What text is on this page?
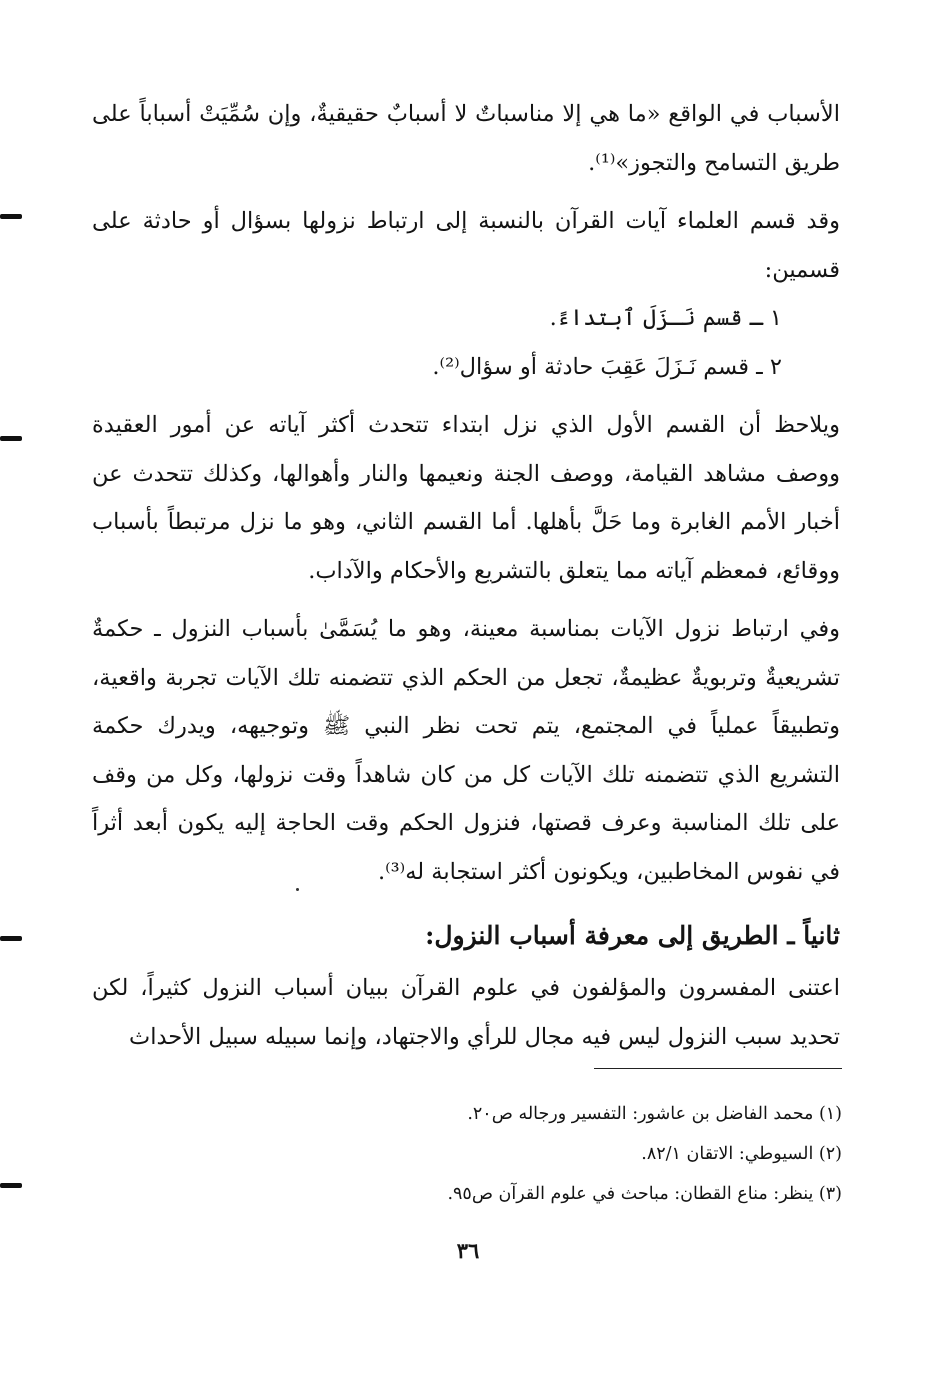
الأسباب في الواقع «ما هي إلا مناسباتٌ لا أسبابٌ حقيقيةٌ، وإن سُمِّيَتْ أسباباً على طريق التسامح والتجوز»⁽¹⁾.

وقد قسم العلماء آيات القرآن بالنسبة إلى ارتباط نزولها بسؤال أو حادثة على قسمين:

١ ـ قسم نَـزَلَ ٱبتداءً.

٢ ـ قسم نَـزَلَ عَقِبَ حادثة أو سؤال⁽²⁾.

ويلاحظ أن القسم الأول الذي نزل ابتداء تتحدث أكثر آياته عن أمور العقيدة ووصف مشاهد القيامة، ووصف الجنة ونعيمها والنار وأهوالها، وكذلك تتحدث عن أخبار الأمم الغابرة وما حَلَّ بأهلها. أما القسم الثاني، وهو ما نزل مرتبطاً بأسباب ووقائع، فمعظم آياته مما يتعلق بالتشريع والأحكام والآداب.

وفي ارتباط نزول الآيات بمناسبة معينة، وهو ما يُسَمَّىٰ بأسباب النزول ـ حكمةٌ تشريعيةٌ وتربويةٌ عظيمةٌ، تجعل من الحكم الذي تتضمنه تلك الآيات تجربة واقعية، وتطبيقاً عملياً في المجتمع، يتم تحت نظر النبي ﷺ وتوجيهه، ويدرك حكمة التشريع الذي تتضمنه تلك الآيات كل من كان شاهداً وقت نزولها، وكل من وقف على تلك المناسبة وعرف قصتها، فنزول الحكم وقت الحاجة إليه يكون أبعد أثراً في نفوس المخاطبين، ويكونون أكثر استجابة له⁽³⁾.

ثانياً ـ الطريق إلى معرفة أسباب النزول:

اعتنى المفسرون والمؤلفون في علوم القرآن ببيان أسباب النزول كثيراً، لكن تحديد سبب النزول ليس فيه مجال للرأي والاجتهاد، وإنما سبيله سبيل الأحداث

(١) محمد الفاضل بن عاشور: التفسير ورجاله ص٢٠.

(٢) السيوطي: الاتقان ٨٢/١.

(٣) ينظر: مناع القطان: مباحث في علوم القرآن ص٩٥.

٣٦
